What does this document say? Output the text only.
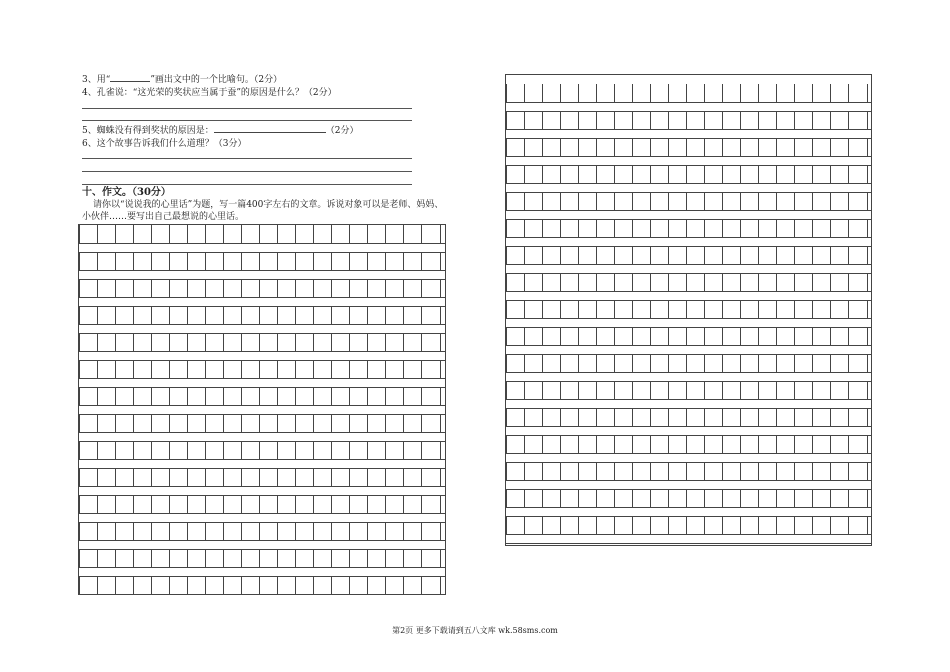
3、用“	”画出文中的一个比喻句。（2分）
4、孔雀说：“这光荣的奖状应当属于蚕”的原因是什么？（2分）
5、蜘蛛没有得到奖状的原因是：	（2分）
6、这个故事告诉我们什么道理？（3分）
十、作文。（30分）
请你以“说说我的心里话”为题，写一篇400字左右的文章。诉说对象可以是老师、妈妈、
小伙伴……要写出自己最想说的心里话。
第2页 更多下载请到五八文库 wk.58sms.com
